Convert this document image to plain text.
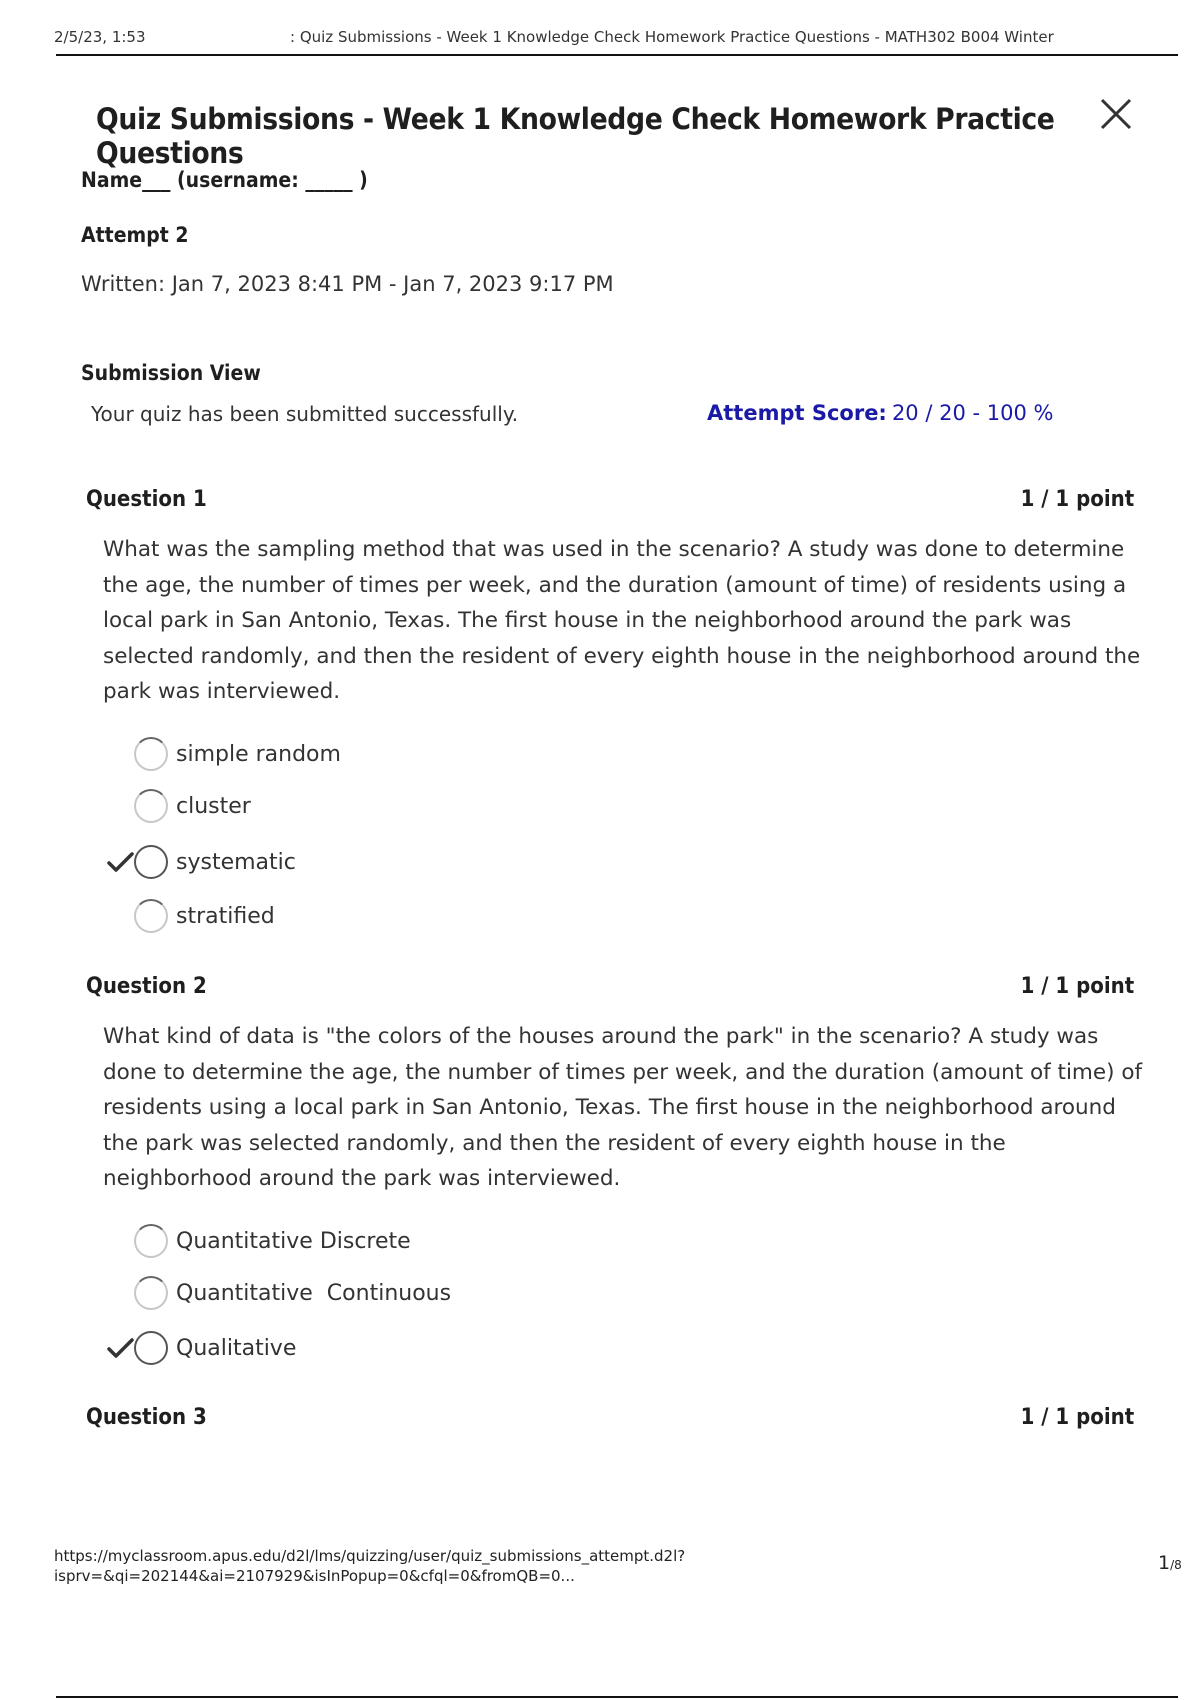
2/5/23, 1:53	: Quiz Submissions - Week 1 Knowledge Check Homework Practice Questions - MATH302 B004 Winter
Quiz Submissions - Week 1 Knowledge Check Homework Practice Questions
Name___ (username: _____ )
Attempt 2
Written: Jan 7, 2023 8:41 PM - Jan 7, 2023 9:17 PM
Submission View
Your quiz has been submitted successfully.	Attempt Score: 20 / 20 - 100 %
Question 1	1 / 1 point
What was the sampling method that was used in the scenario? A study was done to determine the age, the number of times per week, and the duration (amount of time) of residents using a local park in San Antonio, Texas. The first house in the neighborhood around the park was selected randomly, and then the resident of every eighth house in the neighborhood around the park was interviewed.
simple random
cluster
systematic
stratified
Question 2	1 / 1 point
What kind of data is "the colors of the houses around the park" in the scenario? A study was done to determine the age, the number of times per week, and the duration (amount of time) of residents using a local park in San Antonio, Texas. The first house in the neighborhood around the park was selected randomly, and then the resident of every eighth house in the neighborhood around the park was interviewed.
Quantitative Discrete
Quantitative  Continuous
Qualitative
Question 3	1 / 1 point
https://myclassroom.apus.edu/d2l/lms/quizzing/user/quiz_submissions_attempt.d2l?
isprv=&qi=202144&ai=2107929&isInPopup=0&cfql=0&fromQB=0...
1/8
